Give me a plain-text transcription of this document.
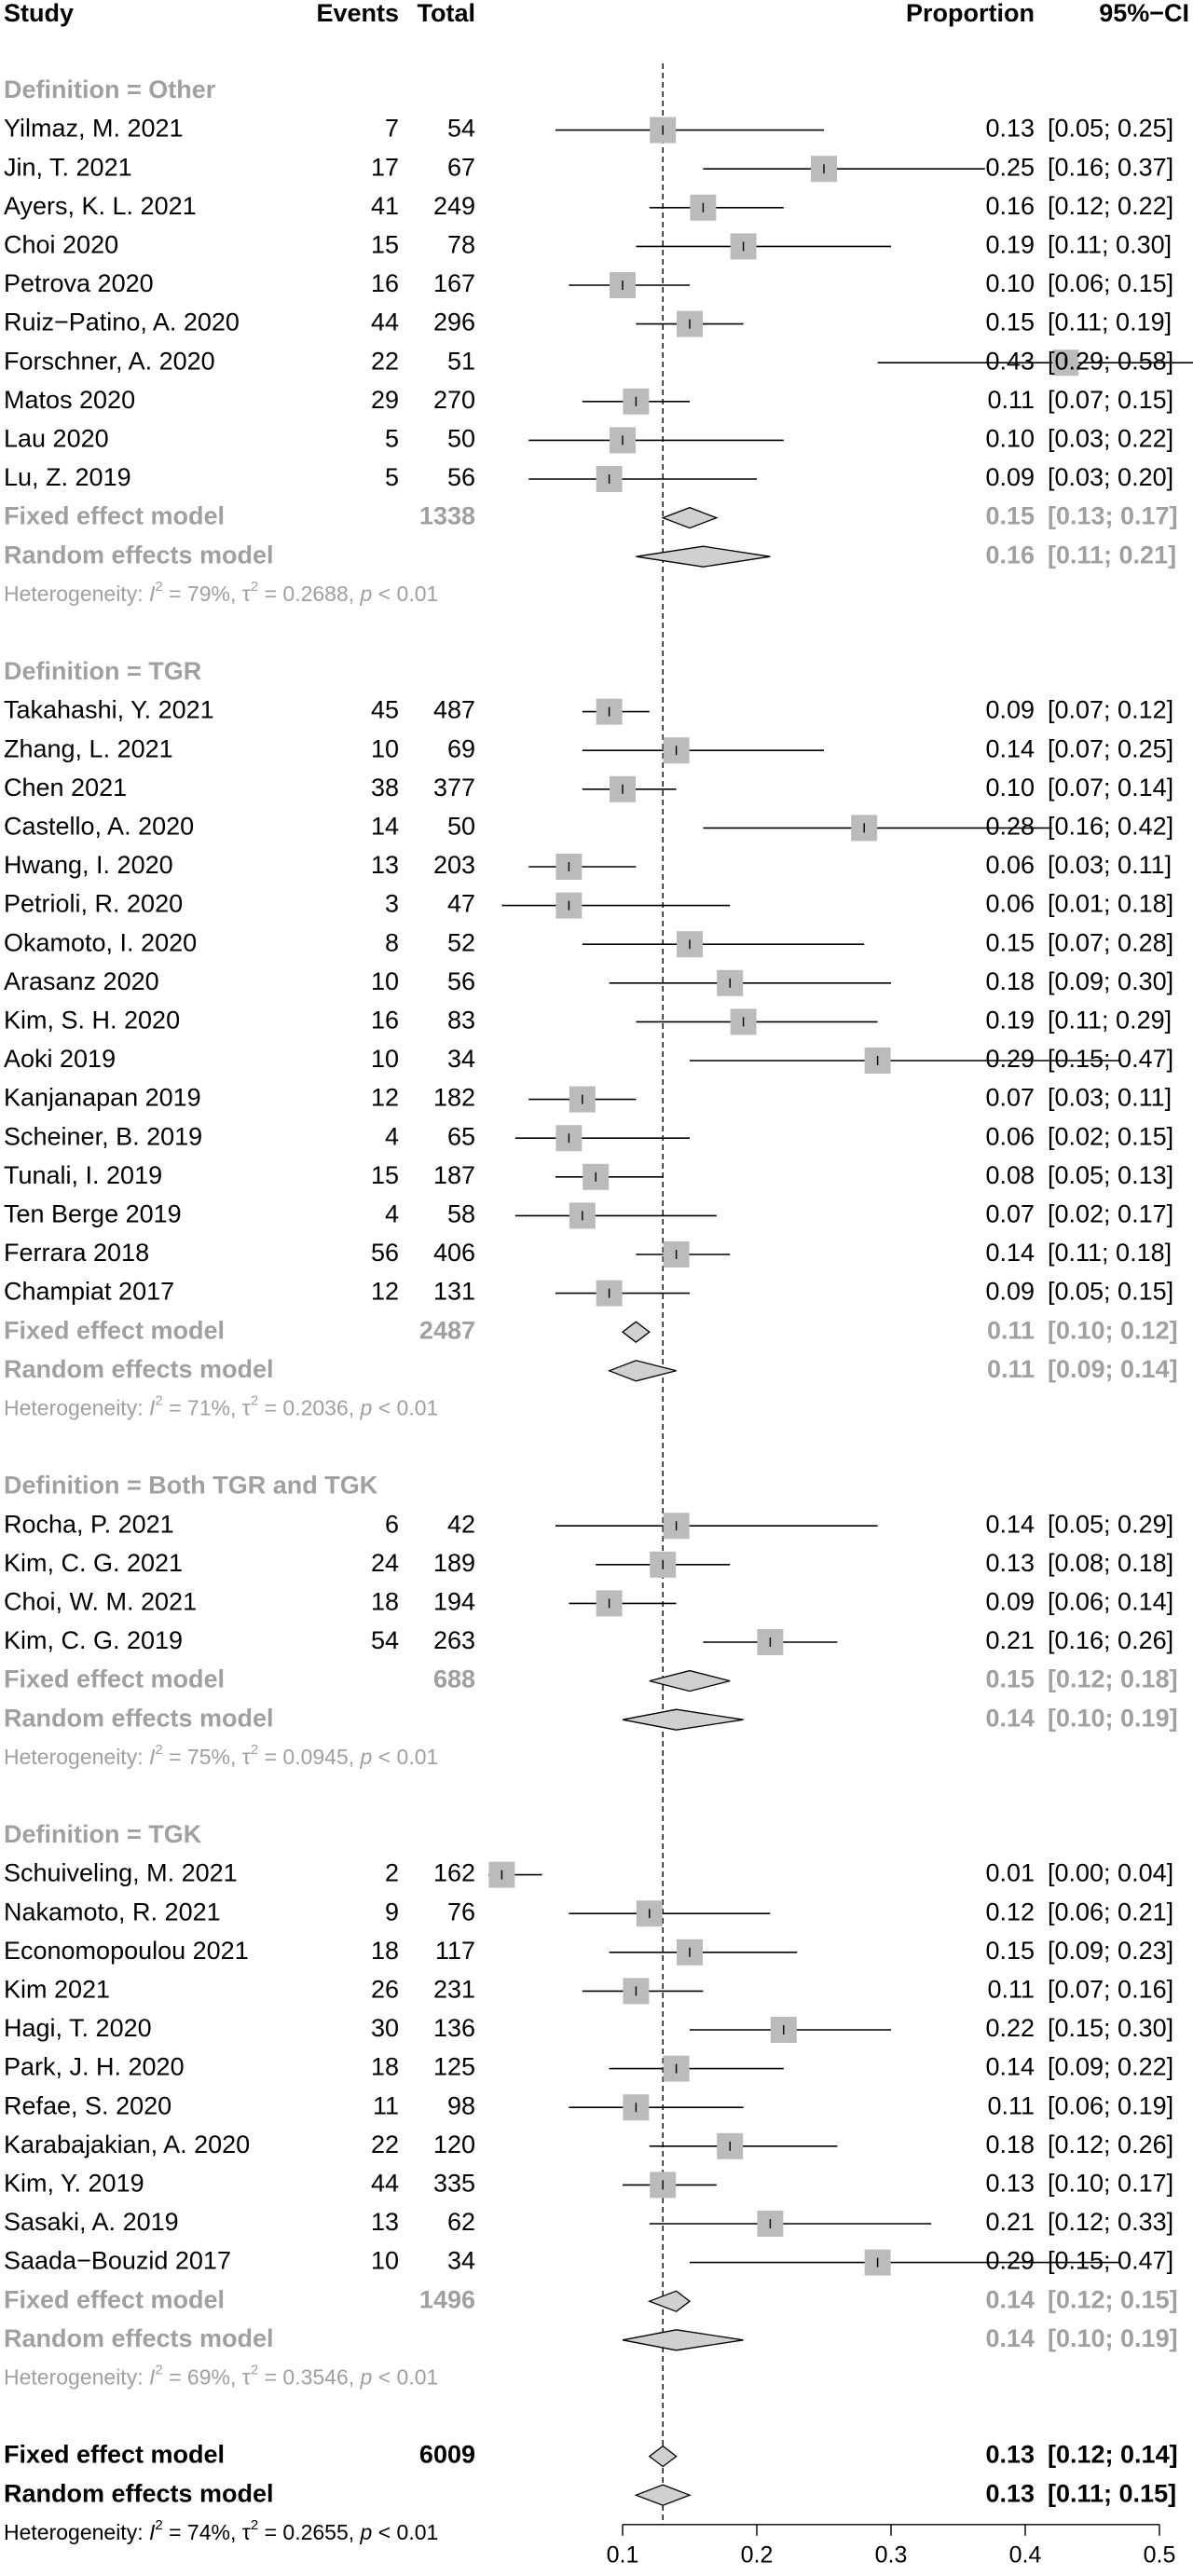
Study	Events Total	Proportion	95%−CI
Definition = Other
Yilmaz, M. 2021	7 54	0.13 [0.05; 0.25]
Jin, T. 2021	17 67	0.25 [0.16; 0.37]
Ayers, K. L. 2021	41 249	0.16 [0.12; 0.22]
Choi 2020	15 78	0.19 [0.11; 0.30]
Petrova 2020	16 167	0.10 [0.06; 0.15]
Ruiz−Patino, A. 2020	44 296	0.15 [0.11; 0.19]
Forschner, A. 2020	22 51	0.43 [0.29; 0.58]
Matos 2020	29 270	0.11 [0.07; 0.15]
Lau 2020	5 50	0.10 [0.03; 0.22]
Lu, Z. 2019	5 56	0.09 [0.03; 0.20]
Fixed effect model	1338	0.15 [0.13; 0.17]
Random effects model	0.16 [0.11; 0.21]
Heterogeneity: $I^2 = 79\%$, $\tau^2 = 0.2688$, p < 0.01
Definition = TGR
Takahashi, Y. 2021	45 487	0.09 [0.07; 0.12]
Zhang, L. 2021	10 69	0.14 [0.07; 0.25]
Chen 2021	38 377	0.10 [0.07; 0.14]
Castello, A. 2020	14 50	0.28 [0.16; 0.42]
Hwang, I. 2020	13 203	0.06 [0.03; 0.11]
Petrioli, R. 2020	3 47	0.06 [0.01; 0.18]
Okamoto, I. 2020	8 52	0.15 [0.07; 0.28]
Arasanz 2020	10 56	0.18 [0.09; 0.30]
Kim, S. H. 2020	16 83	0.19 [0.11; 0.29]
Aoki 2019	10 34	0.29 [0.15; 0.47]
Kanjanapan 2019	12 182	0.07 [0.03; 0.11]
Scheiner, B. 2019	4 65	0.06 [0.02; 0.15]
Tunali, I. 2019	15 187	0.08 [0.05; 0.13]
Ten Berge 2019	4 58	0.07 [0.02; 0.17]
Ferrara 2018	56 406	0.14 [0.11; 0.18]
Champiat 2017	12 131	0.09 [0.05; 0.15]
Fixed effect model	2487	0.11 [0.10; 0.12]
Random effects model	0.11 [0.09; 0.14]
Heterogeneity: $I^2 = 71\%$, $\tau^2 = 0.2036$, p < 0.01
Definition = Both TGR and TGK
Rocha, P. 2021	6 42	0.14 [0.05; 0.29]
Kim, C. G. 2021	24 189	0.13 [0.08; 0.18]
Choi, W. M. 2021	18 194	0.09 [0.06; 0.14]
Kim, C. G. 2019	54 263	0.21 [0.16; 0.26]
Fixed effect model	688	0.15 [0.12; 0.18]
Random effects model	0.14 [0.10; 0.19]
Heterogeneity: $I^2 = 75\%$, $\tau^2 = 0.0945$, p < 0.01
Definition = TGK
Schuiveling, M. 2021	2 162	0.01 [0.00; 0.04]
Nakamoto, R. 2021	9 76	0.12 [0.06; 0.21]
Economopoulou 2021	18 117	0.15 [0.09; 0.23]
Kim 2021	26 231	0.11 [0.07; 0.16]
Hagi, T. 2020	30 136	0.22 [0.15; 0.30]
Park, J. H. 2020	18 125	0.14 [0.09; 0.22]
Refae, S. 2020	11 98	0.11 [0.06; 0.19]
Karabajakian, A. 2020	22 120	0.18 [0.12; 0.26]
Kim, Y. 2019	44 335	0.13 [0.10; 0.17]
Sasaki, A. 2019	13 62	0.21 [0.12; 0.33]
Saada−Bouzid 2017	10 34	0.29 [0.15; 0.47]
Fixed effect model	1496	0.14 [0.12; 0.15]
Random effects model	0.14 [0.10; 0.19]
Heterogeneity: $I^2 = 69\%$, $\tau^2 = 0.3546$, p < 0.01
Fixed effect model	6009	0.13 [0.12; 0.14]
Random effects model	0.13 [0.11; 0.15]
Heterogeneity: $I^2 = 74\%$, $\tau^2 = 0.2655$, p < 0.01
0.1	0.2	0.3	0.4	0.5
